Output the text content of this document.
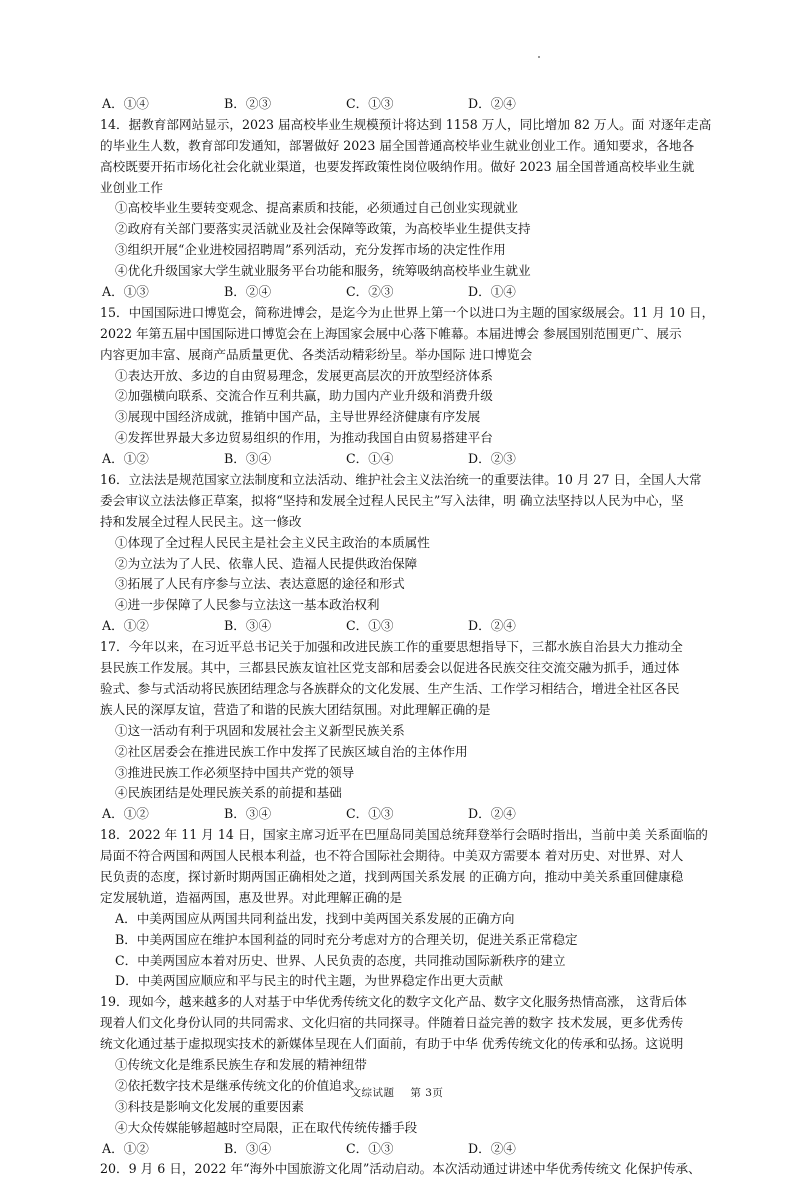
A．①④	B．②③	C．①③	D．②④
14．据教育部网站显示，2023 届高校毕业生规模预计将达到 1158 万人，同比增加 82 万人。面 对逐年走高
的毕业生人数，教育部印发通知，部署做好 2023 届全国普通高校毕业生就业创业工作。通知要求，各地各
高校既要开拓市场化社会化就业渠道，也要发挥政策性岗位吸纳作用。做好 2023 届全国普通高校毕业生就
业创业工作
①高校毕业生要转变观念、提高素质和技能，必须通过自己创业实现就业
②政府有关部门要落实灵活就业及社会保障等政策，为高校毕业生提供支持
③组织开展“企业进校园招聘周”系列活动，充分发挥市场的决定性作用
④优化升级国家大学生就业服务平台功能和服务，统筹吸纳高校毕业生就业
A．①③	B．②④	C．②③	D．①④
15．中国国际进口博览会，简称进博会，是迄今为止世界上第一个以进口为主题的国家级展会。11 月 10 日，
2022 年第五届中国国际进口博览会在上海国家会展中心落下帷幕。本届进博会 参展国别范围更广、展示
内容更加丰富、展商产品质量更优、各类活动精彩纷呈。举办国际 进口博览会
①表达开放、多边的自由贸易理念，发展更高层次的开放型经济体系
②加强横向联系、交流合作互利共赢，助力国内产业升级和消费升级
③展现中国经济成就，推销中国产品，主导世界经济健康有序发展
④发挥世界最大多边贸易组织的作用，为推动我国自由贸易搭建平台
A．①②	B．③④	C．①④	D．②③
16．立法法是规范国家立法制度和立法活动、维护社会主义法治统一的重要法律。10 月 27 日，全国人大常
委会审议立法法修正草案，拟将“坚持和发展全过程人民民主”写入法律，明 确立法坚持以人民为中心，坚
持和发展全过程人民民主。这一修改
①体现了全过程人民民主是社会主义民主政治的本质属性
②为立法为了人民、依靠人民、造福人民提供政治保障
③拓展了人民有序参与立法、表达意愿的途径和形式
④进一步保障了人民参与立法这一基本政治权利
A．①②	B．③④	C．①③	D．②④
17．今年以来，在习近平总书记关于加强和改进民族工作的重要思想指导下，三都水族自治县大力推动全
县民族工作发展。其中，三都县民族友谊社区党支部和居委会以促进各民族交往交流交融为抓手，通过体
验式、参与式活动将民族团结理念与各族群众的文化发展、生产生活、工作学习相结合，增进全社区各民
族人民的深厚友谊，营造了和谐的民族大团结氛围。对此理解正确的是
①这一活动有利于巩固和发展社会主义新型民族关系
②社区居委会在推进民族工作中发挥了民族区域自治的主体作用
③推进民族工作必须坚持中国共产党的领导
④民族团结是处理民族关系的前提和基础
A．①②	B．③④	C．①③	D．②④
18．2022 年 11 月 14 日，国家主席习近平在巴厘岛同美国总统拜登举行会晤时指出，当前中美 关系面临的
局面不符合两国和两国人民根本利益，也不符合国际社会期待。中美双方需要本 着对历史、对世界、对人
民负责的态度，探讨新时期两国正确相处之道，找到两国关系发展 的正确方向，推动中美关系重回健康稳
定发展轨道，造福两国，惠及世界。对此理解正确的是
A．中美两国应从两国共同利益出发，找到中美两国关系发展的正确方向
B．中美两国应在维护本国利益的同时充分考虑对方的合理关切，促进关系正常稳定
C．中美两国应本着对历史、世界、人民负责的态度，共同推动国际新秩序的建立
D．中美两国应顺应和平与民主的时代主题，为世界稳定作出更大贡献
19．现如今，越来越多的人对基于中华优秀传统文化的数字文化产品、数字文化服务热情高涨， 这背后体
现着人们文化身份认同的共同需求、文化归宿的共同探寻。伴随着日益完善的数字 技术发展，更多优秀传
统文化通过基于虚拟现实技术的新媒体呈现在人们面前，有助于中华 优秀传统文化的传承和弘扬。这说明
①传统文化是维系民族生存和发展的精神纽带
②依托数字技术是继承传统文化的价值追求
③科技是影响文化发展的重要因素
④大众传媒能够超越时空局限，正在取代传统传播手段
A．①②	B．③④	C．①③	D．②④
20．9 月 6 日，2022 年“海外中国旅游文化周”活动启动。本次活动通过讲述中华优秀传统文 化保护传承、
文综试题 第 3页
